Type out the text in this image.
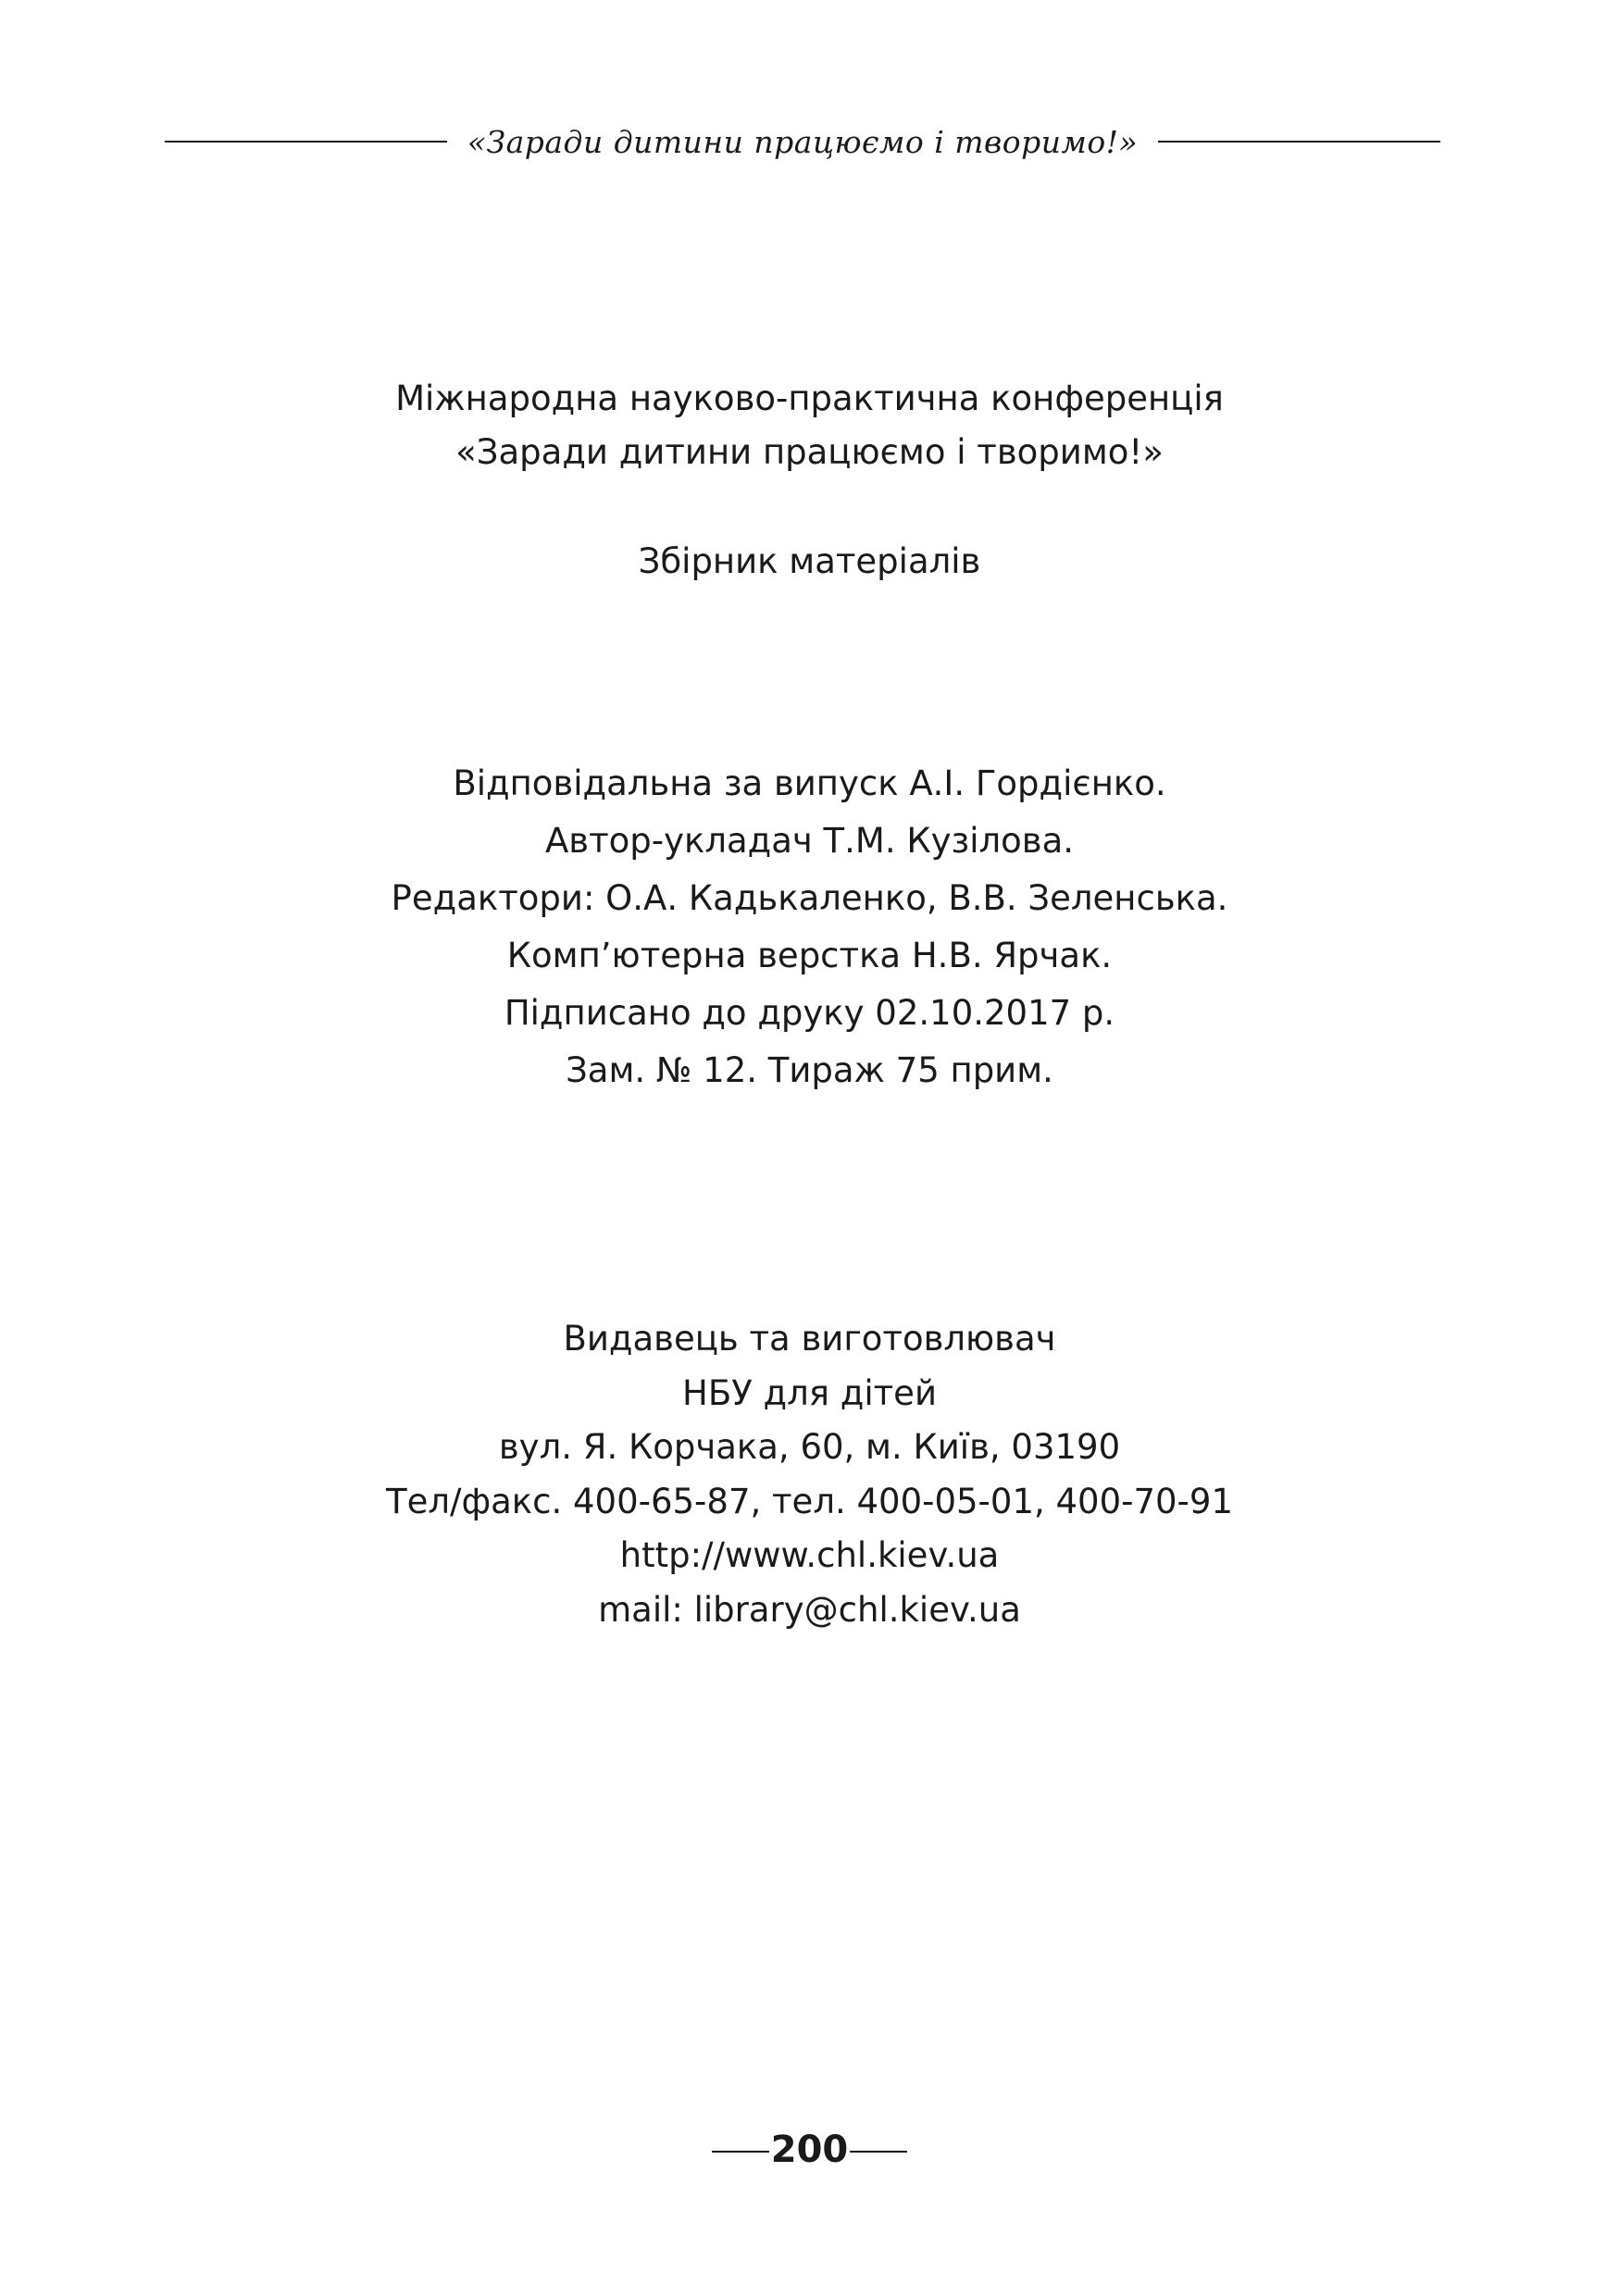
«Заради дитини працюємо і творимо!»
Міжнародна науково-практична конференція
«Заради дитини працюємо і творимо!»
Збірник матеріалів
Відповідальна за випуск А.І. Гордієнко.
Автор-укладач Т.М. Кузілова.
Редактори: О.А. Кадькаленко, В.В. Зеленська.
Комп’ютерна верстка Н.В. Ярчак.
Підписано до друку 02.10.2017 р.
Зам. № 12. Тираж 75 прим.
Видавець та виготовлювач
НБУ для дітей
вул. Я. Корчака, 60, м. Київ, 03190
Тел/факс. 400-65-87, тел. 400-05-01, 400-70-91
http://www.chl.kiev.ua
mail: library@chl.kiev.ua
200
